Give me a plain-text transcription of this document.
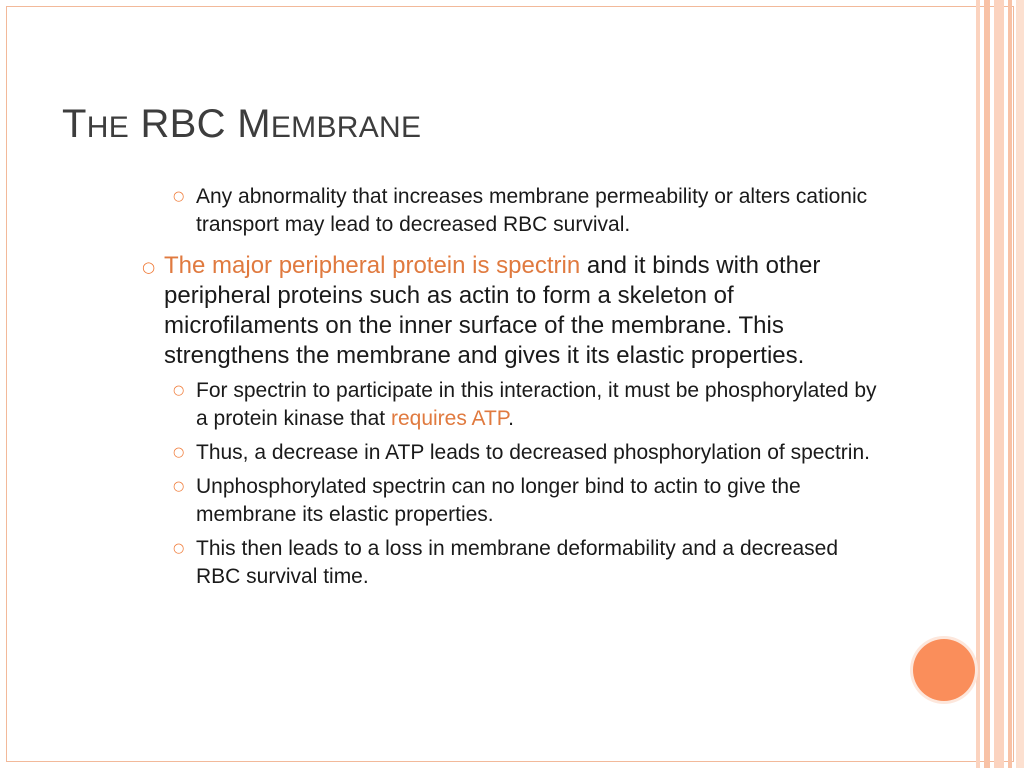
THE RBC MEMBRANE

○ Any abnormality that increases membrane permeability or alters cationic transport may lead to decreased RBC survival.

○ The major peripheral protein is spectrin and it binds with other peripheral proteins such as actin to form a skeleton of microfilaments on the inner surface of the membrane. This strengthens the membrane and gives it its elastic properties.

○ For spectrin to participate in this interaction, it must be phosphorylated by a protein kinase that requires ATP.

○ Thus, a decrease in ATP leads to decreased phosphorylation of spectrin.

○ Unphosphorylated spectrin can no longer bind to actin to give the membrane its elastic properties.

○ This then leads to a loss in membrane deformability and a decreased RBC survival time.
